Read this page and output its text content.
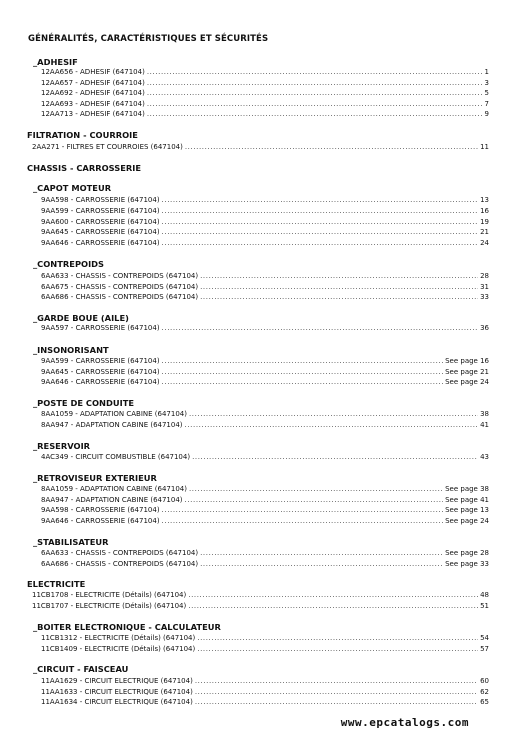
GÉNÉRALITÉS, CARACTÉRISTIQUES ET SÉCURITÉS
_ADHESIF
12AA656 - ADHESIF (647104) .....	1
12AA657 - ADHESIF (647104) .....	3
12AA692 - ADHESIF (647104) .....	5
12AA693 - ADHESIF (647104) .....	7
12AA713 - ADHESIF (647104) .....	9
FILTRATION - COURROIE
2AA271 - FILTRES ET COURROIES (647104) .....	11
CHASSIS - CARROSSERIE
_CAPOT MOTEUR
9AA598 - CARROSSERIE (647104) .....	13
9AA599 - CARROSSERIE (647104) .....	16
9AA600 - CARROSSERIE (647104) .....	19
9AA645 - CARROSSERIE (647104) .....	21
9AA646 - CARROSSERIE (647104) .....	24
_CONTREPOIDS
6AA633 - CHASSIS - CONTREPOIDS (647104) .....	28
6AA675 - CHASSIS - CONTREPOIDS (647104) .....	31
6AA686 - CHASSIS - CONTREPOIDS (647104) .....	33
_GARDE BOUE (AILE)
9AA597 - CARROSSERIE (647104) .....	36
_INSONORISANT
9AA599 - CARROSSERIE (647104) .....	See page 16
9AA645 - CARROSSERIE (647104) .....	See page 21
9AA646 - CARROSSERIE (647104) .....	See page 24
_POSTE DE CONDUITE
8AA1059 - ADAPTATION CABINE (647104) .....	38
8AA947 - ADAPTATION CABINE (647104) .....	41
_RESERVOIR
4AC349 - CIRCUIT COMBUSTIBLE (647104) .....	43
_RETROVISEUR EXTERIEUR
8AA1059 - ADAPTATION CABINE (647104) .....	See page 38
8AA947 - ADAPTATION CABINE (647104) .....	See page 41
9AA598 - CARROSSERIE (647104) .....	See page 13
9AA646 - CARROSSERIE (647104) .....	See page 24
_STABILISATEUR
6AA633 - CHASSIS - CONTREPOIDS (647104) .....	See page 28
6AA686 - CHASSIS - CONTREPOIDS (647104) .....	See page 33
ELECTRICITE
11CB1708 - ELECTRICITE (Détails) (647104) .....	48
11CB1707 - ELECTRICITE (Détails) (647104) .....	51
_BOITER ELECTRONIQUE - CALCULATEUR
11CB1312 - ELECTRICITE (Détails) (647104) .....	54
11CB1409 - ELECTRICITE (Détails) (647104) .....	57
_CIRCUIT - FAISCEAU
11AA1629 - CIRCUIT ELECTRIQUE (647104) .....	60
11AA1633 - CIRCUIT ELECTRIQUE (647104) .....	62
11AA1634 - CIRCUIT ELECTRIQUE (647104) .....	65
www.epcatalogs.com
